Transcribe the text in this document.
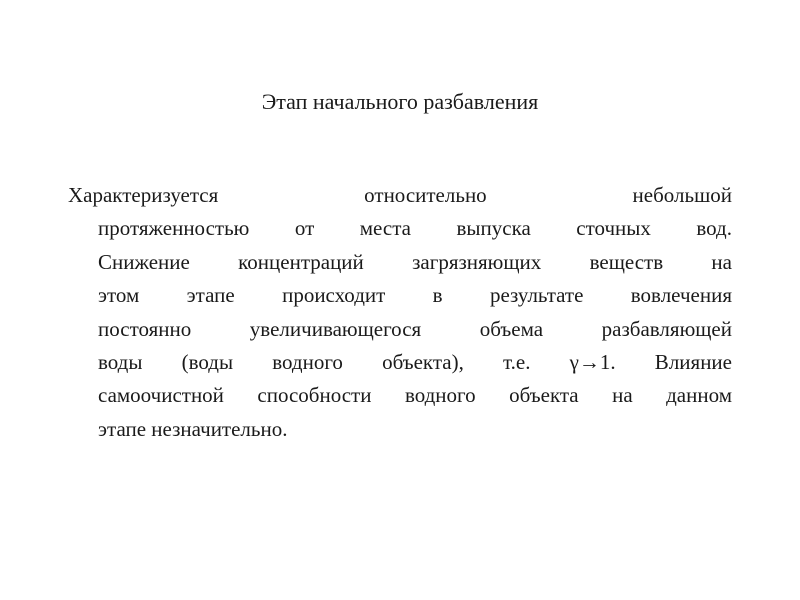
Этап начального разбавления
Характеризуется относительно небольшой
протяженностью от места выпуска сточных вод.
Снижение концентраций загрязняющих веществ на
этом этапе происходит в результате вовлечения
постоянно увеличивающегося объема разбавляющей
воды (воды водного объекта), т.е. γ→1. Влияние
самоочистной способности водного объекта на данном
этапе незначительно.
